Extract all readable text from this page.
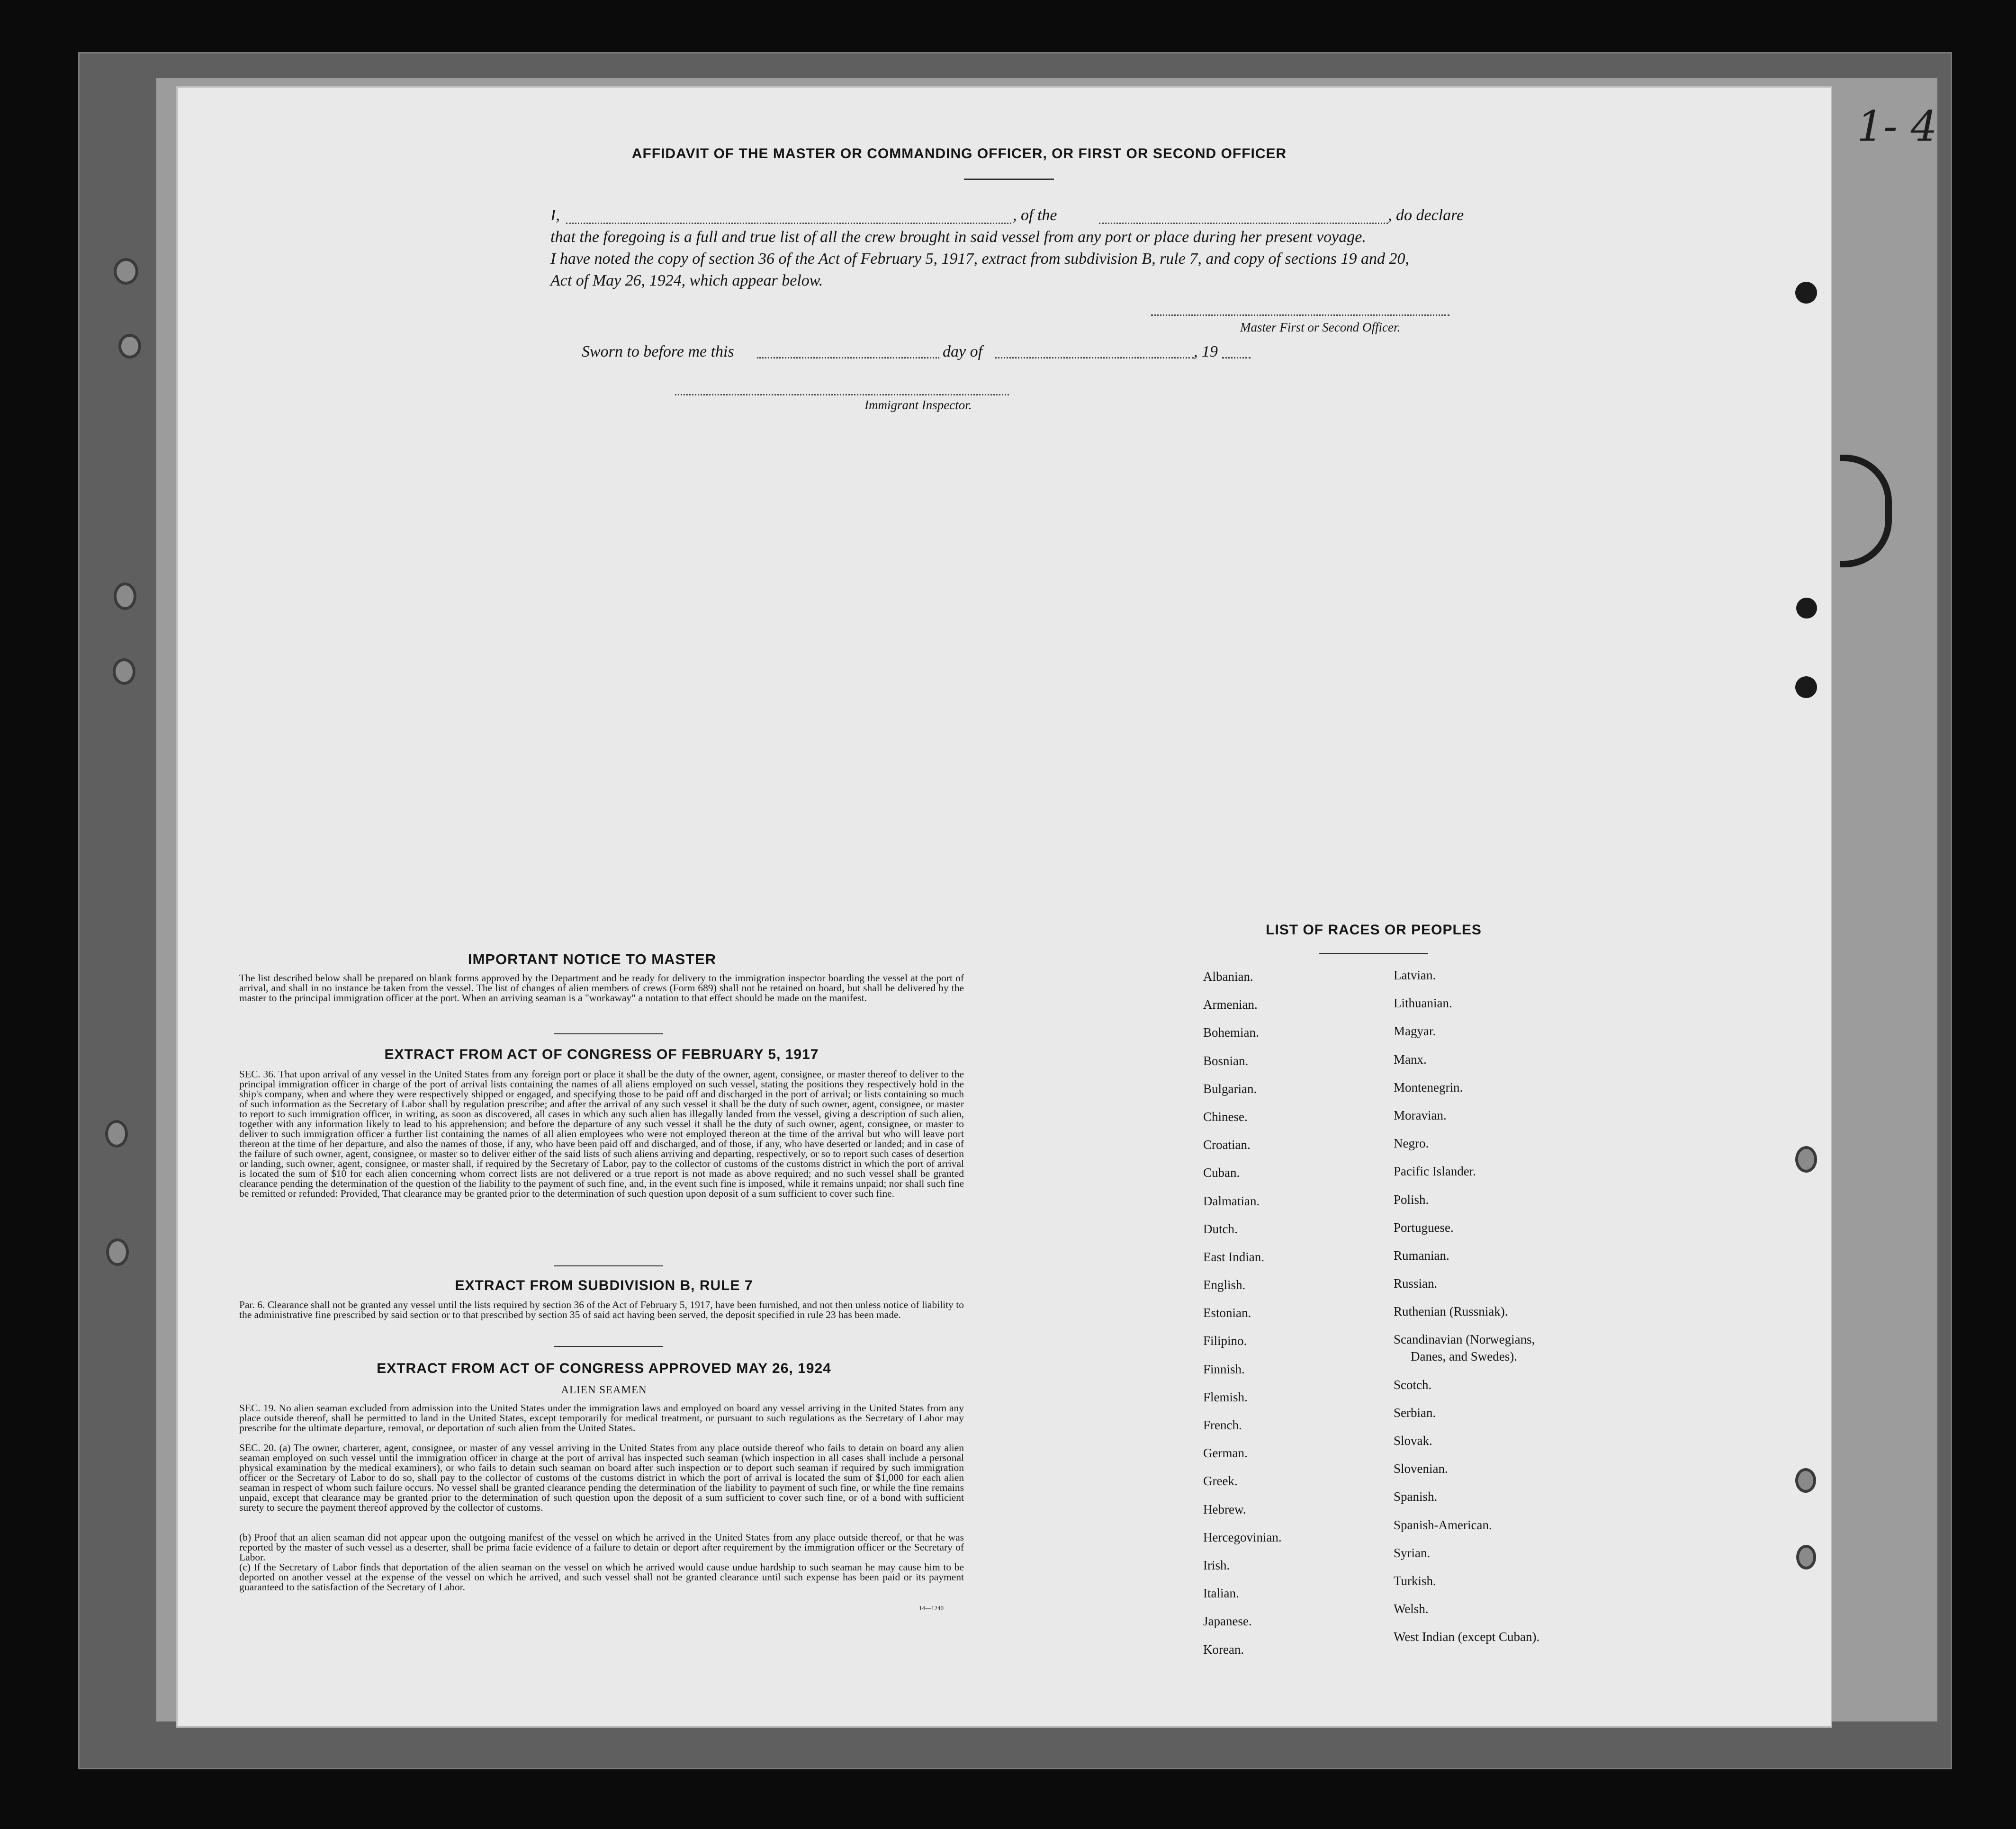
1- 4
AFFIDAVIT OF THE MASTER OR COMMANDING OFFICER, OR FIRST OR SECOND OFFICER
I,	, of the	, do declare
that the foregoing is a full and true list of all the crew brought in said vessel from any port or place during her present voyage.
I have noted the copy of section 36 of the Act of February 5, 1917, extract from subdivision B, rule 7, and copy of sections 19 and 20,
Act of May 26, 1924, which appear below.
Master First or Second Officer.
Sworn to before me this	day of	, 19
Immigrant Inspector.
IMPORTANT NOTICE TO MASTER
The list described below shall be prepared on blank forms approved by the Department and be ready for delivery to the immigration inspector boarding the vessel at the port of arrival, and shall in no instance be taken from the vessel. The list of changes of alien members of crews (Form 689) shall not be retained on board, but shall be delivered by the master to the principal immigration officer at the port. When an arriving seaman is a "workaway" a notation to that effect should be made on the manifest.
EXTRACT FROM ACT OF CONGRESS OF FEBRUARY 5, 1917
SEC. 36. That upon arrival of any vessel in the United States from any foreign port or place it shall be the duty of the owner, agent, consignee, or master thereof to deliver to the principal immigration officer in charge of the port of arrival lists containing the names of all aliens employed on such vessel, stating the positions they respectively hold in the ship's company, when and where they were respectively shipped or engaged, and specifying those to be paid off and discharged in the port of arrival; or lists containing so much of such information as the Secretary of Labor shall by regulation prescribe; and after the arrival of any such vessel it shall be the duty of such owner, agent, consignee, or master to report to such immigration officer, in writing, as soon as discovered, all cases in which any such alien has illegally landed from the vessel, giving a description of such alien, together with any information likely to lead to his apprehension; and before the departure of any such vessel it shall be the duty of such owner, agent, consignee, or master to deliver to such immigration officer a further list containing the names of all alien employees who were not employed thereon at the time of the arrival but who will leave port thereon at the time of her departure, and also the names of those, if any, who have been paid off and discharged, and of those, if any, who have deserted or landed; and in case of the failure of such owner, agent, consignee, or master so to deliver either of the said lists of such aliens arriving and departing, respectively, or so to report such cases of desertion or landing, such owner, agent, consignee, or master shall, if required by the Secretary of Labor, pay to the collector of customs of the customs district in which the port of arrival is located the sum of $10 for each alien concerning whom correct lists are not delivered or a true report is not made as above required; and no such vessel shall be granted clearance pending the determination of the question of the liability to the payment of such fine, and, in the event such fine is imposed, while it remains unpaid; nor shall such fine be remitted or refunded: Provided, That clearance may be granted prior to the determination of such question upon deposit of a sum sufficient to cover such fine.
EXTRACT FROM SUBDIVISION B, RULE 7
Par. 6. Clearance shall not be granted any vessel until the lists required by section 36 of the Act of February 5, 1917, have been furnished, and not then unless notice of liability to the administrative fine prescribed by said section or to that prescribed by section 35 of said act having been served, the deposit specified in rule 23 has been made.
EXTRACT FROM ACT OF CONGRESS APPROVED MAY 26, 1924
ALIEN SEAMEN
SEC. 19. No alien seaman excluded from admission into the United States under the immigration laws and employed on board any vessel arriving in the United States from any place outside thereof, shall be permitted to land in the United States, except temporarily for medical treatment, or pursuant to such regulations as the Secretary of Labor may prescribe for the ultimate departure, removal, or deportation of such alien from the United States.
SEC. 20. (a) The owner, charterer, agent, consignee, or master of any vessel arriving in the United States from any place outside thereof who fails to detain on board any alien seaman employed on such vessel until the immigration officer in charge at the port of arrival has inspected such seaman (which inspection in all cases shall include a personal physical examination by the medical examiners), or who fails to detain such seaman on board after such inspection or to deport such seaman if required by such immigration officer or the Secretary of Labor to do so, shall pay to the collector of customs of the customs district in which the port of arrival is located the sum of $1,000 for each alien seaman in respect of whom such failure occurs. No vessel shall be granted clearance pending the determination of the liability to payment of such fine, or while the fine remains unpaid, except that clearance may be granted prior to the determination of such question upon the deposit of a sum sufficient to cover such fine, or of a bond with sufficient surety to secure the payment thereof approved by the collector of customs.
(b) Proof that an alien seaman did not appear upon the outgoing manifest of the vessel on which he arrived in the United States from any place outside thereof, or that he was reported by the master of such vessel as a deserter, shall be prima facie evidence of a failure to detain or deport after requirement by the immigration officer or the Secretary of Labor.
(c) If the Secretary of Labor finds that deportation of the alien seaman on the vessel on which he arrived would cause undue hardship to such seaman he may cause him to be deported on another vessel at the expense of the vessel on which he arrived, and such vessel shall not be granted clearance until such expense has been paid or its payment guaranteed to the satisfaction of the Secretary of Labor.
14—1240
LIST OF RACES OR PEOPLES
Albanian.
Armenian.
Bohemian.
Bosnian.
Bulgarian.
Chinese.
Croatian.
Cuban.
Dalmatian.
Dutch.
East Indian.
English.
Estonian.
Filipino.
Finnish.
Flemish.
French.
German.
Greek.
Hebrew.
Hercegovinian.
Irish.
Italian.
Japanese.
Korean.
Latvian.
Lithuanian.
Magyar.
Manx.
Montenegrin.
Moravian.
Negro.
Pacific Islander.
Polish.
Portuguese.
Rumanian.
Russian.
Ruthenian (Russniak).
Scandinavian (Norwegians,
Danes, and Swedes).
Scotch.
Serbian.
Slovak.
Slovenian.
Spanish.
Spanish-American.
Syrian.
Turkish.
Welsh.
West Indian (except Cuban).
